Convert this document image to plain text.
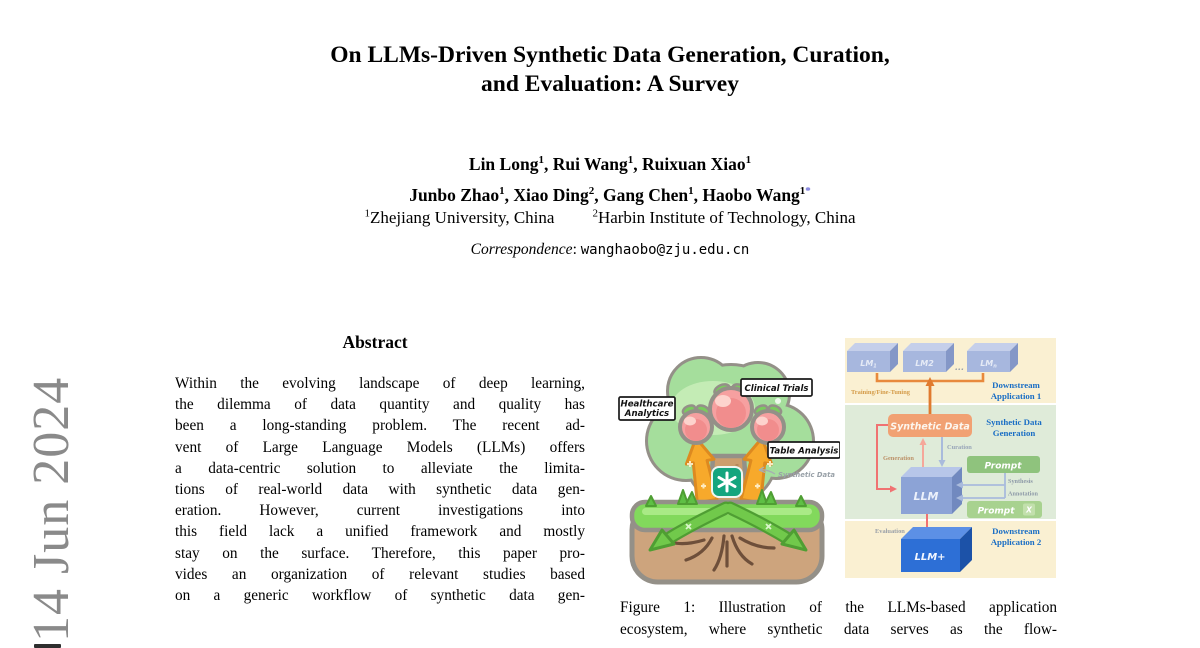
14 Jun 2024
On LLMs-Driven Synthetic Data Generation, Curation,
and Evaluation: A Survey
Lin Long$^1$, Rui Wang$^1$, Ruixuan Xiao$^1$
Junbo Zhao$^1$, Xiao Ding$^2$, Gang Chen$^1$, Haobo Wang$^{1*}$
$^1$Zhejiang University, China	$^2$Harbin Institute of Technology, China
Correspondence: wanghaobo@zju.edu.cn
Abstract
Within the evolving landscape of deep learning,
the dilemma of data quantity and quality has
been a long-standing problem. The recent ad-
vent of Large Language Models (LLMs) offers
a data-centric solution to alleviate the limita-
tions of real-world data with synthetic data gen-
eration. However, current investigations into
this field lack a unified framework and mostly
stay on the surface. Therefore, this paper pro-
vides an organization of relevant studies based
on a generic workflow of synthetic data gen-
Healthcare
Analytics
Clinical Trials
Table Analysis
Synthetic Data
LM1	LM2	... LMn
Training/Fine-Tuning
Downstream
Application 1
Synthetic Data Synthetic Data
Generation
Generation
Curation
LLM
Prompt
Synthesis
Annotation
Prompt X
Evaluation
LLM+
Downstream
Application 2
Figure 1: Illustration of the LLMs-based application
ecosystem, where synthetic data serves as the flow-
